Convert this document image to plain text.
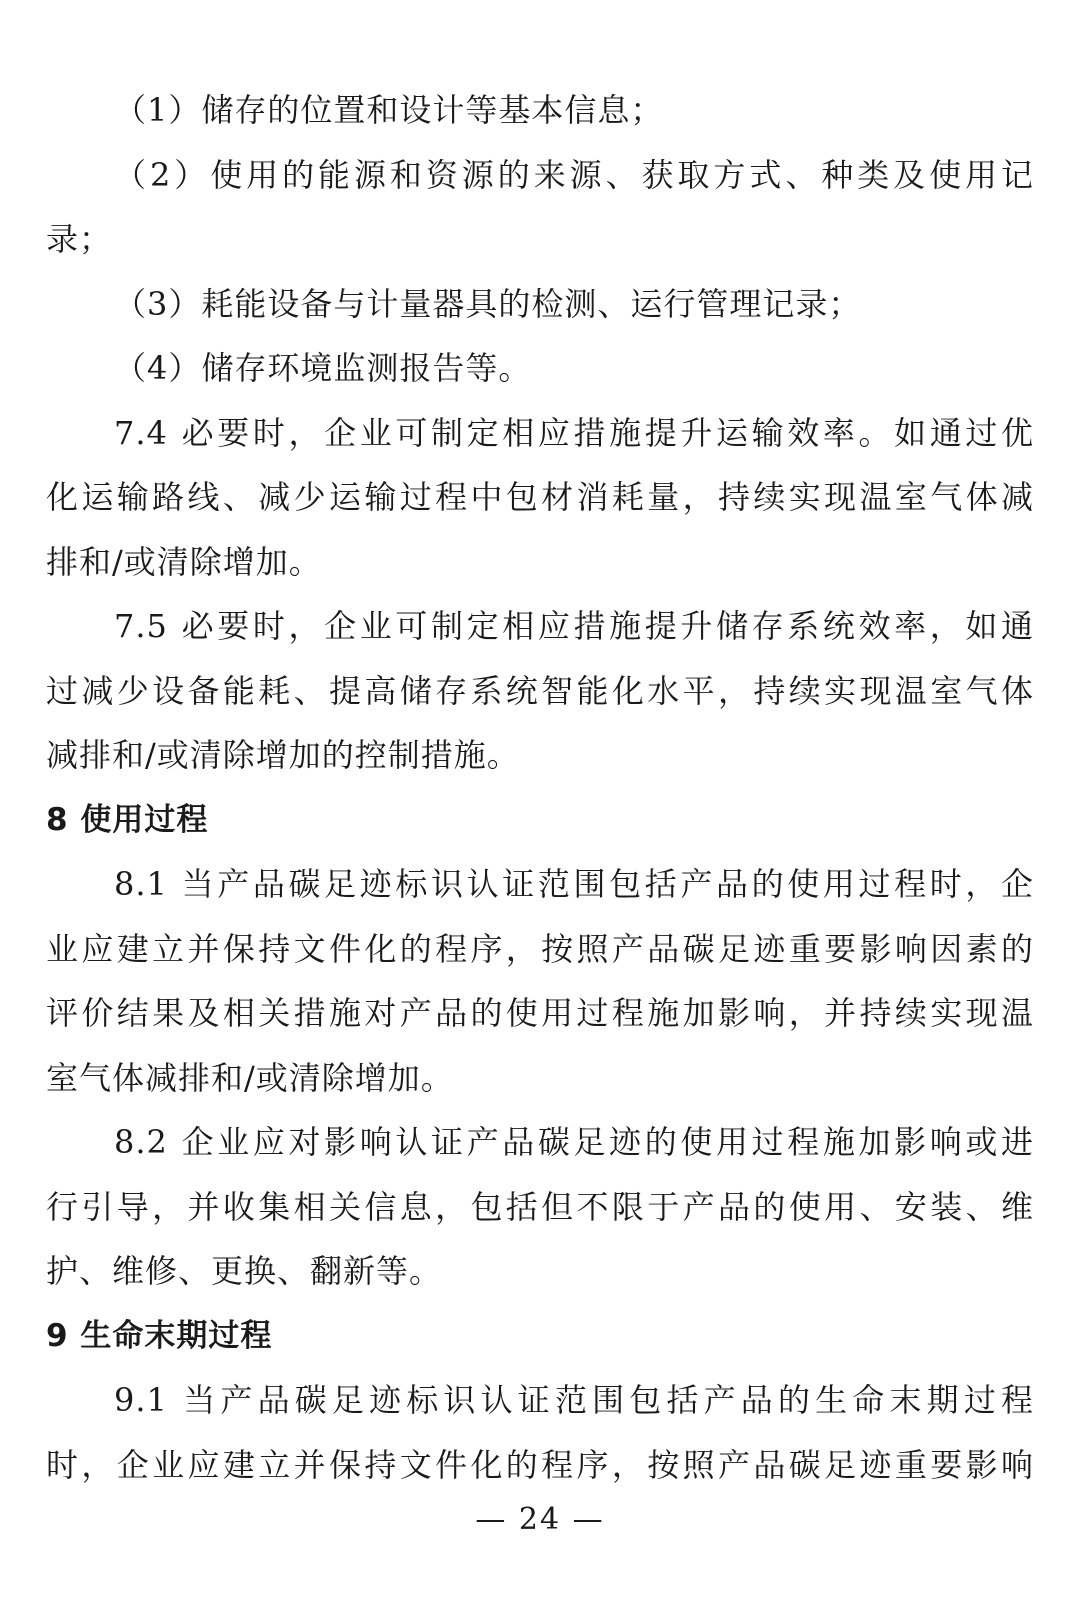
（1）储存的位置和设计等基本信息；
（2）使用的能源和资源的来源、获取方式、种类及使用记
录；
（3）耗能设备与计量器具的检测、运行管理记录；
（4）储存环境监测报告等。
7.4 必要时，企业可制定相应措施提升运输效率。如通过优
化运输路线、减少运输过程中包材消耗量，持续实现温室气体减
排和/或清除增加。
7.5 必要时，企业可制定相应措施提升储存系统效率，如通
过减少设备能耗、提高储存系统智能化水平，持续实现温室气体
减排和/或清除增加的控制措施。
8 使用过程
8.1 当产品碳足迹标识认证范围包括产品的使用过程时，企
业应建立并保持文件化的程序，按照产品碳足迹重要影响因素的
评价结果及相关措施对产品的使用过程施加影响，并持续实现温
室气体减排和/或清除增加。
8.2 企业应对影响认证产品碳足迹的使用过程施加影响或进
行引导，并收集相关信息，包括但不限于产品的使用、安装、维
护、维修、更换、翻新等。
9 生命末期过程
9.1 当产品碳足迹标识认证范围包括产品的生命末期过程
时，企业应建立并保持文件化的程序，按照产品碳足迹重要影响
— 24 —
